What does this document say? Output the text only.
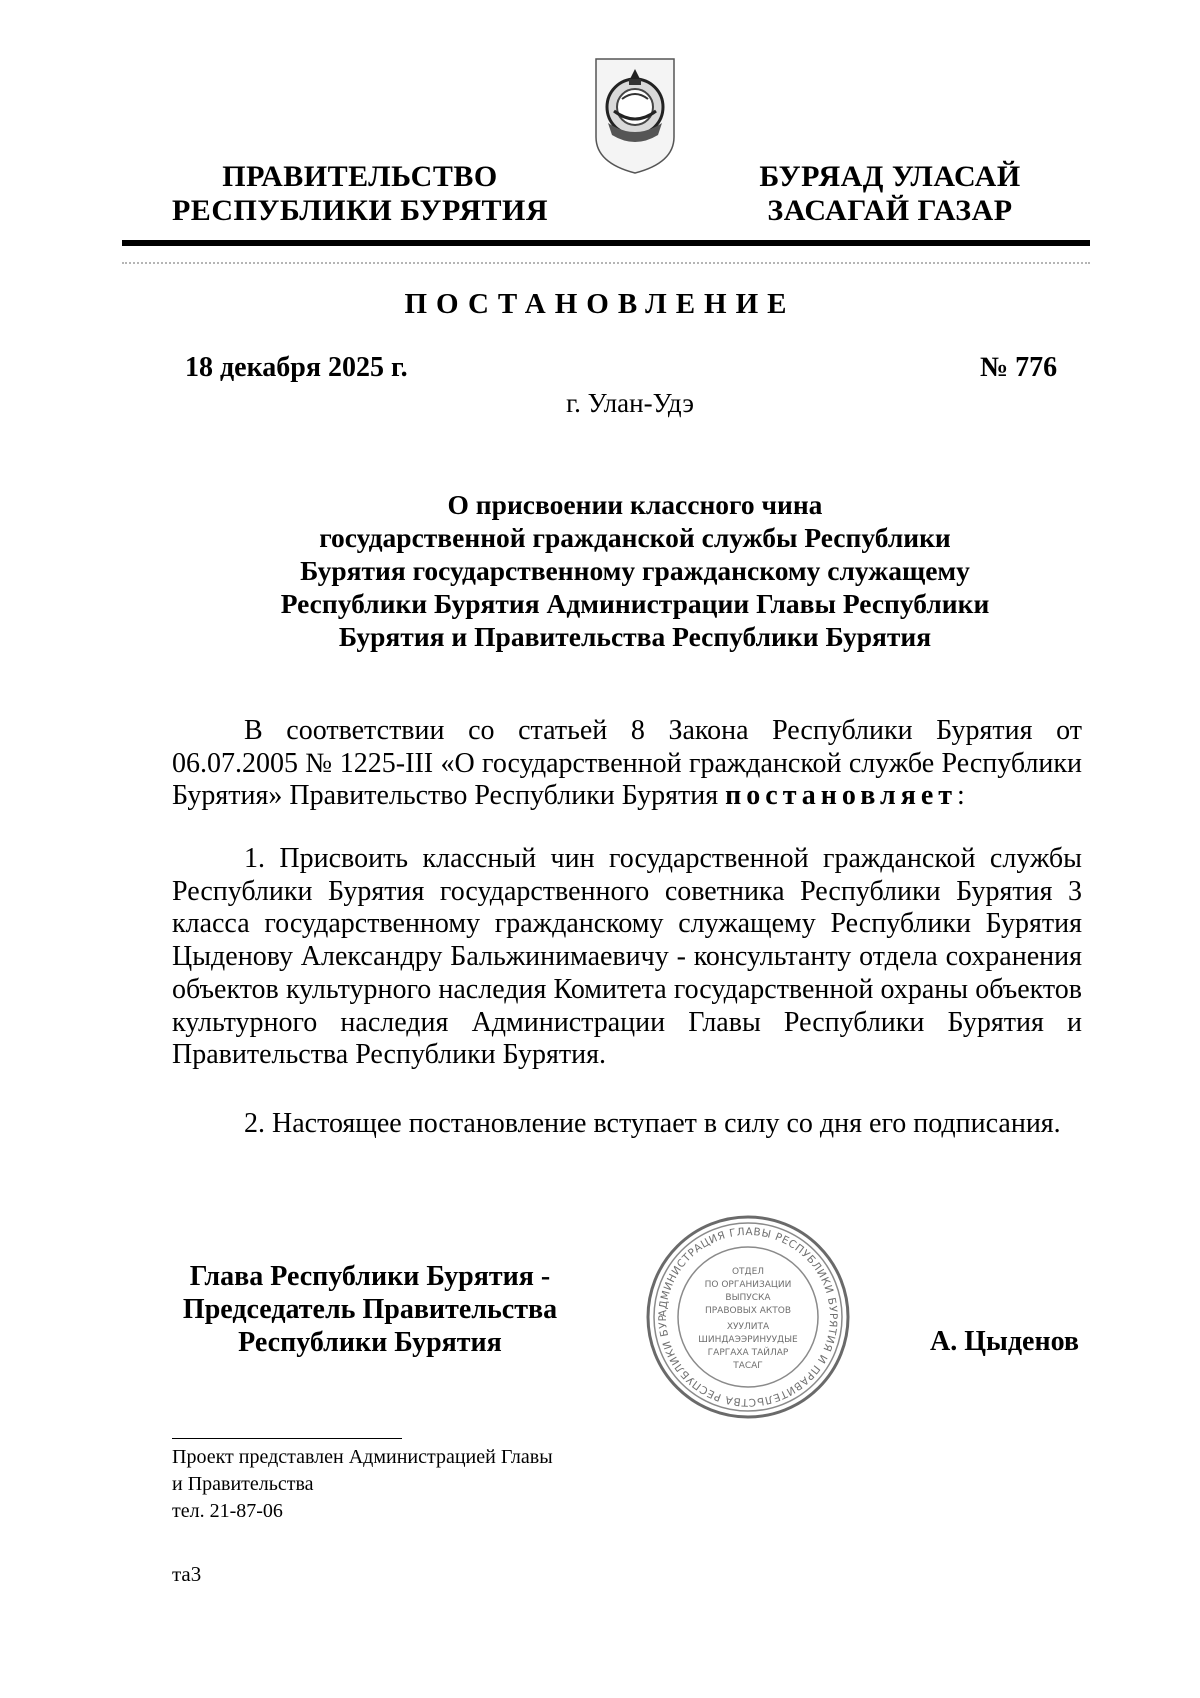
ПРАВИТЕЛЬСТВО
РЕСПУБЛИКИ БУРЯТИЯ
БУРЯАД УЛАСАЙ
ЗАСАГАЙ ГАЗАР
ПОСТАНОВЛЕНИЕ
18 декабря 2025 г.	№ 776
г. Улан-Удэ
О присвоении классного чина
государственной гражданской службы Республики
Бурятия государственному гражданскому служащему
Республики Бурятия Администрации Главы Республики
Бурятия и Правительства Республики Бурятия
В соответствии со статьей 8 Закона Республики Бурятия от 06.07.2005 № 1225-III «О государственной гражданской службе Республики Бурятия» Правительство Республики Бурятия постановляет:
1. Присвоить классный чин государственной гражданской службы Республики Бурятия государственного советника Республики Бурятия 3 класса государственному гражданскому служащему Республики Бурятия Цыденову Александру Бальжинимаевичу - консультанту отдела сохранения объектов культурного наследия Комитета государственной охраны объектов культурного наследия Администрации Главы Республики Бурятия и Правительства Республики Бурятия.
2. Настоящее постановление вступает в силу со дня его подписания.
Глава Республики Бурятия -
Председатель Правительства
Республики Бурятия	А. Цыденов
АДМИНИСТРАЦИЯ ГЛАВЫ РЕСПУБЛИКИ БУРЯТИЯ И ПРАВИТЕЛЬСТВА РЕСПУБЛИКИ БУР
ОТДЕЛ
ПО ОРГАНИЗАЦИИ
ВЫПУСКА
ПРАВОВЫХ АКТОВ
ХУУЛИТА
ШИНДАЭЭРИНУУДЫЕ
ГАРГАХА ТАЙЛАР
ТАСАГ
Проект представлен Администрацией Главы
и Правительства
тел. 21-87-06
та3
